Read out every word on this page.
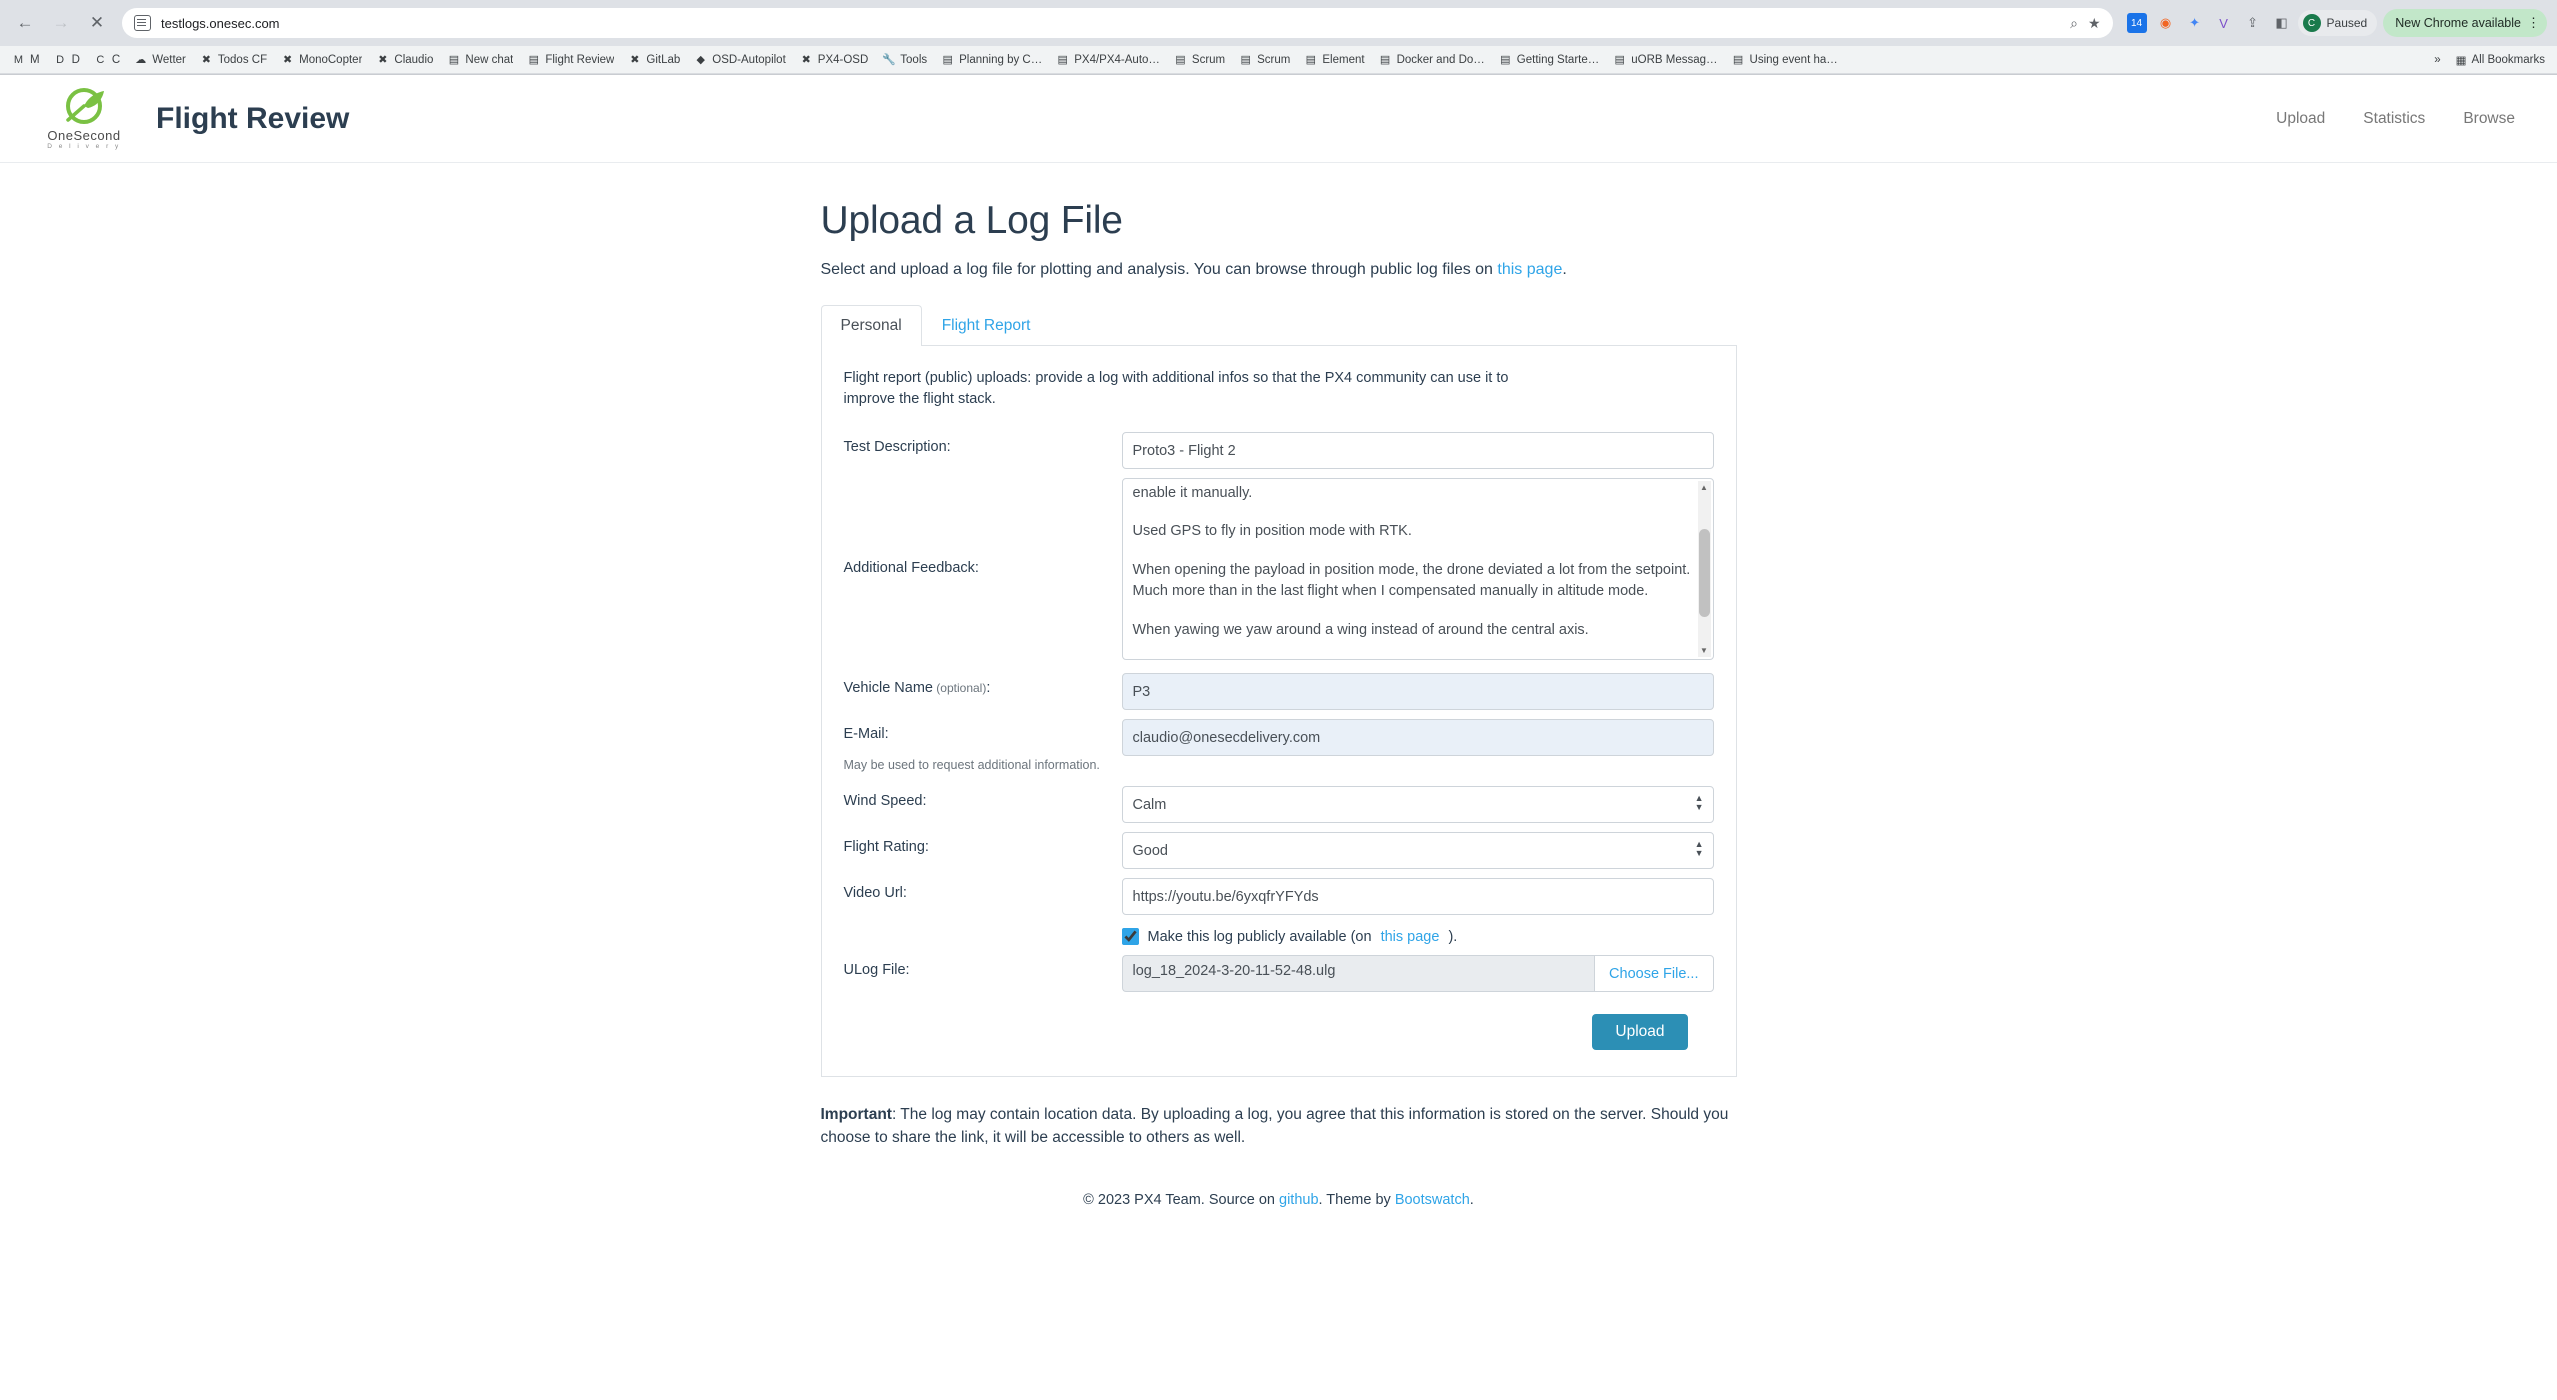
←	→	✕	testlogs.onesec.com	⌕ ★	14	◉	✦	V	⇪	◧	C Paused New Chrome available ⋮
M M D D C C ☁ Wetter ✖ Todos CF ✖ MonoCopter ✖ Claudio ▤ New chat ▤ Flight Review ✖ GitLab ◆ OSD-Autopilot ✖ PX4-OSD 🔧 Tools ▤ Planning by C… ▤ PX4/PX4-Auto… ▤ Scrum ▤ Scrum ▤ Element ▤ Docker and Do… ▤ Getting Starte… ▤ uORB Messag… ▤ Using event ha…	»	▦ All Bookmarks
OneSecond
D e l i v e r y
Flight Review	Upload Statistics Browse
Upload a Log File
Select and upload a log file for plotting and analysis. You can browse through public log files on this page.
Personal	Flight Report
Flight report (public) uploads: provide a log with additional infos so that the PX4 community can use it to improve the flight stack.
Test Description:
Proto3 - Flight 2
Additional Feedback:

enable it manually.

Used GPS to fly in position mode with RTK.

When opening the payload in position mode, the drone deviated a lot from the setpoint. Much more than in the last flight when I compensated manually in altitude mode.

When yawing we yaw around a wing instead of around the central axis.

▲
▼
Vehicle Name (optional):
P3
E-Mail:
claudio@onesecdelivery.com
May be used to request additional information.
Wind Speed:
Calm	▲
▼
Flight Rating:
Good	▲
▼
Video Url:
https://youtu.be/6yxqfrYFYds
Make this log publicly available (on this page ).
ULog File:	log_18_2024-3-20-11-52-48.ulg	Choose File...
Upload
Important: The log may contain location data. By uploading a log, you agree that this information is stored on the server. Should you choose to share the link, it will be accessible to others as well.
© 2023 PX4 Team. Source on github. Theme by Bootswatch.
